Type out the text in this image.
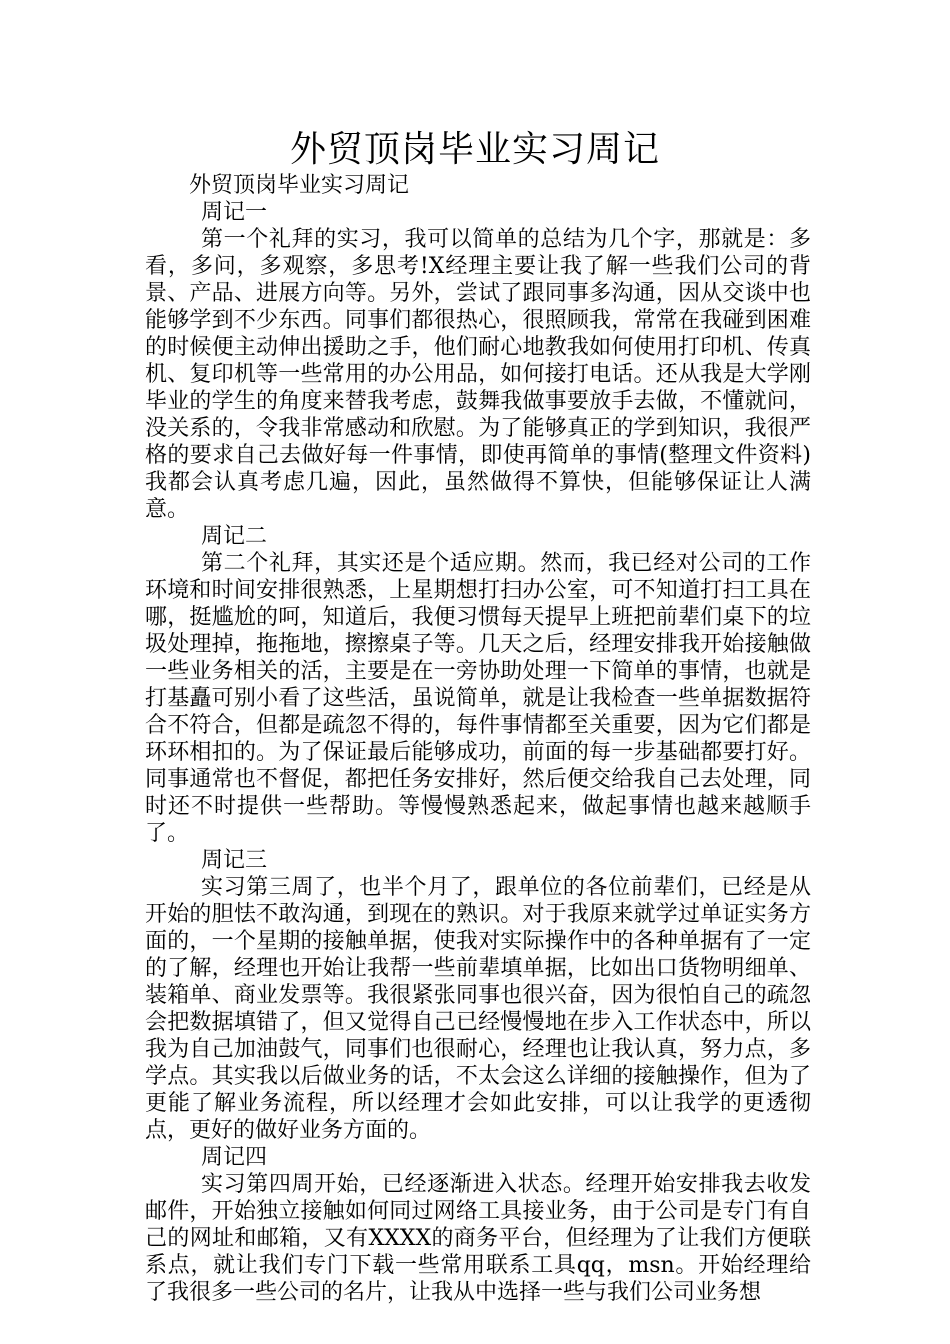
外贸顶岗毕业实习周记

外贸顶岗毕业实习周记

周记一

第一个礼拜的实习，我可以简单的总结为几个字，那就是：多看，多问，多观察，多思考!X经理主要让我了解一些我们公司的背景、产品、进展方向等。另外，尝试了跟同事多沟通，因从交谈中也能够学到不少东西。同事们都很热心，很照顾我，常常在我碰到困难的时候便主动伸出援助之手，他们耐心地教我如何使用打印机、传真机、复印机等一些常用的办公用品，如何接打电话。还从我是大学刚毕业的学生的角度来替我考虑，鼓舞我做事要放手去做，不懂就问，没关系的，令我非常感动和欣慰。为了能够真正的学到知识，我很严格的要求自己去做好每一件事情，即使再简单的事情(整理文件资料)我都会认真考虑几遍，因此，虽然做得不算快，但能够保证让人满意。

周记二

第二个礼拜，其实还是个适应期。然而，我已经对公司的工作环境和时间安排很熟悉，上星期想打扫办公室，可不知道打扫工具在哪，挺尴尬的呵，知道后，我便习惯每天提早上班把前辈们桌下的垃圾处理掉，拖拖地，擦擦桌子等。几天之后，经理安排我开始接触做一些业务相关的活，主要是在一旁协助处理一下简单的事情，也就是打基矗可别小看了这些活，虽说简单，就是让我检查一些单据数据符合不符合，但都是疏忽不得的，每件事情都至关重要，因为它们都是环环相扣的。为了保证最后能够成功，前面的每一步基础都要打好。同事通常也不督促，都把任务安排好，然后便交给我自己去处理，同时还不时提供一些帮助。等慢慢熟悉起来，做起事情也越来越顺手了。

周记三

实习第三周了，也半个月了，跟单位的各位前辈们，已经是从开始的胆怯不敢沟通，到现在的熟识。对于我原来就学过单证实务方面的，一个星期的接触单据，使我对实际操作中的各种单据有了一定的了解，经理也开始让我帮一些前辈填单据，比如出口货物明细单、装箱单、商业发票等。我很紧张同事也很兴奋，因为很怕自己的疏忽会把数据填错了，但又觉得自己已经慢慢地在步入工作状态中，所以我为自己加油鼓气，同事们也很耐心，经理也让我认真，努力点，多学点。其实我以后做业务的话，不太会这么详细的接触操作，但为了更能了解业务流程，所以经理才会如此安排，可以让我学的更透彻点，更好的做好业务方面的。

周记四

实习第四周开始，已经逐渐进入状态。经理开始安排我去收发邮件，开始独立接触如何同过网络工具接业务，由于公司是专门有自己的网址和邮箱，又有XXXX的商务平台，但经理为了让我们方便联系点，就让我们专门下载一些常用联系工具qq，msn。开始经理给了我很多一些公司的名片，让我从中选择一些与我们公司业务想
